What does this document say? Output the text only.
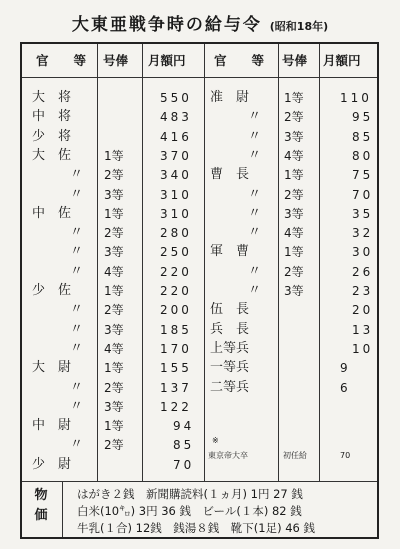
大東亜戦争時の給与令 (昭和18年)
官　　等 号俸 月額円 官　　等 号俸 月額円
大　将	550
中　将	483
少　将	416
大　佐	1等	370
〃 2等	340
〃 3等	310
中　佐	1等	310
〃 2等	280
〃 3等	250
〃 4等	220
少　佐	1等	220
〃 2等	200
〃 3等	185
〃 4等	170
大　尉	1等	155
〃 2等	137
〃 3等	122
中　尉	1等	94
〃 2等	85
少　尉	70
准　尉	1等	110
〃 2等	95
〃 3等	85
〃 4等	80
曹　長	1等	75
〃 2等	70
〃 3等	35
〃 4等	32
軍　曹	1等	30
〃 2等	26
〃 3等	23
伍　長	20
兵　長	13
上等兵	10
一等兵	9
二等兵	6
※
東京帝大卒	初任給	70
物
価
はがき２銭　新聞購読料(１ヵ月) 1円 27 銭
白米(10㌔) 3円 36 銭　ビール(１本) 82 銭
牛乳(１合) 12銭　銭湯８銭　靴下(1足) 46 銭
